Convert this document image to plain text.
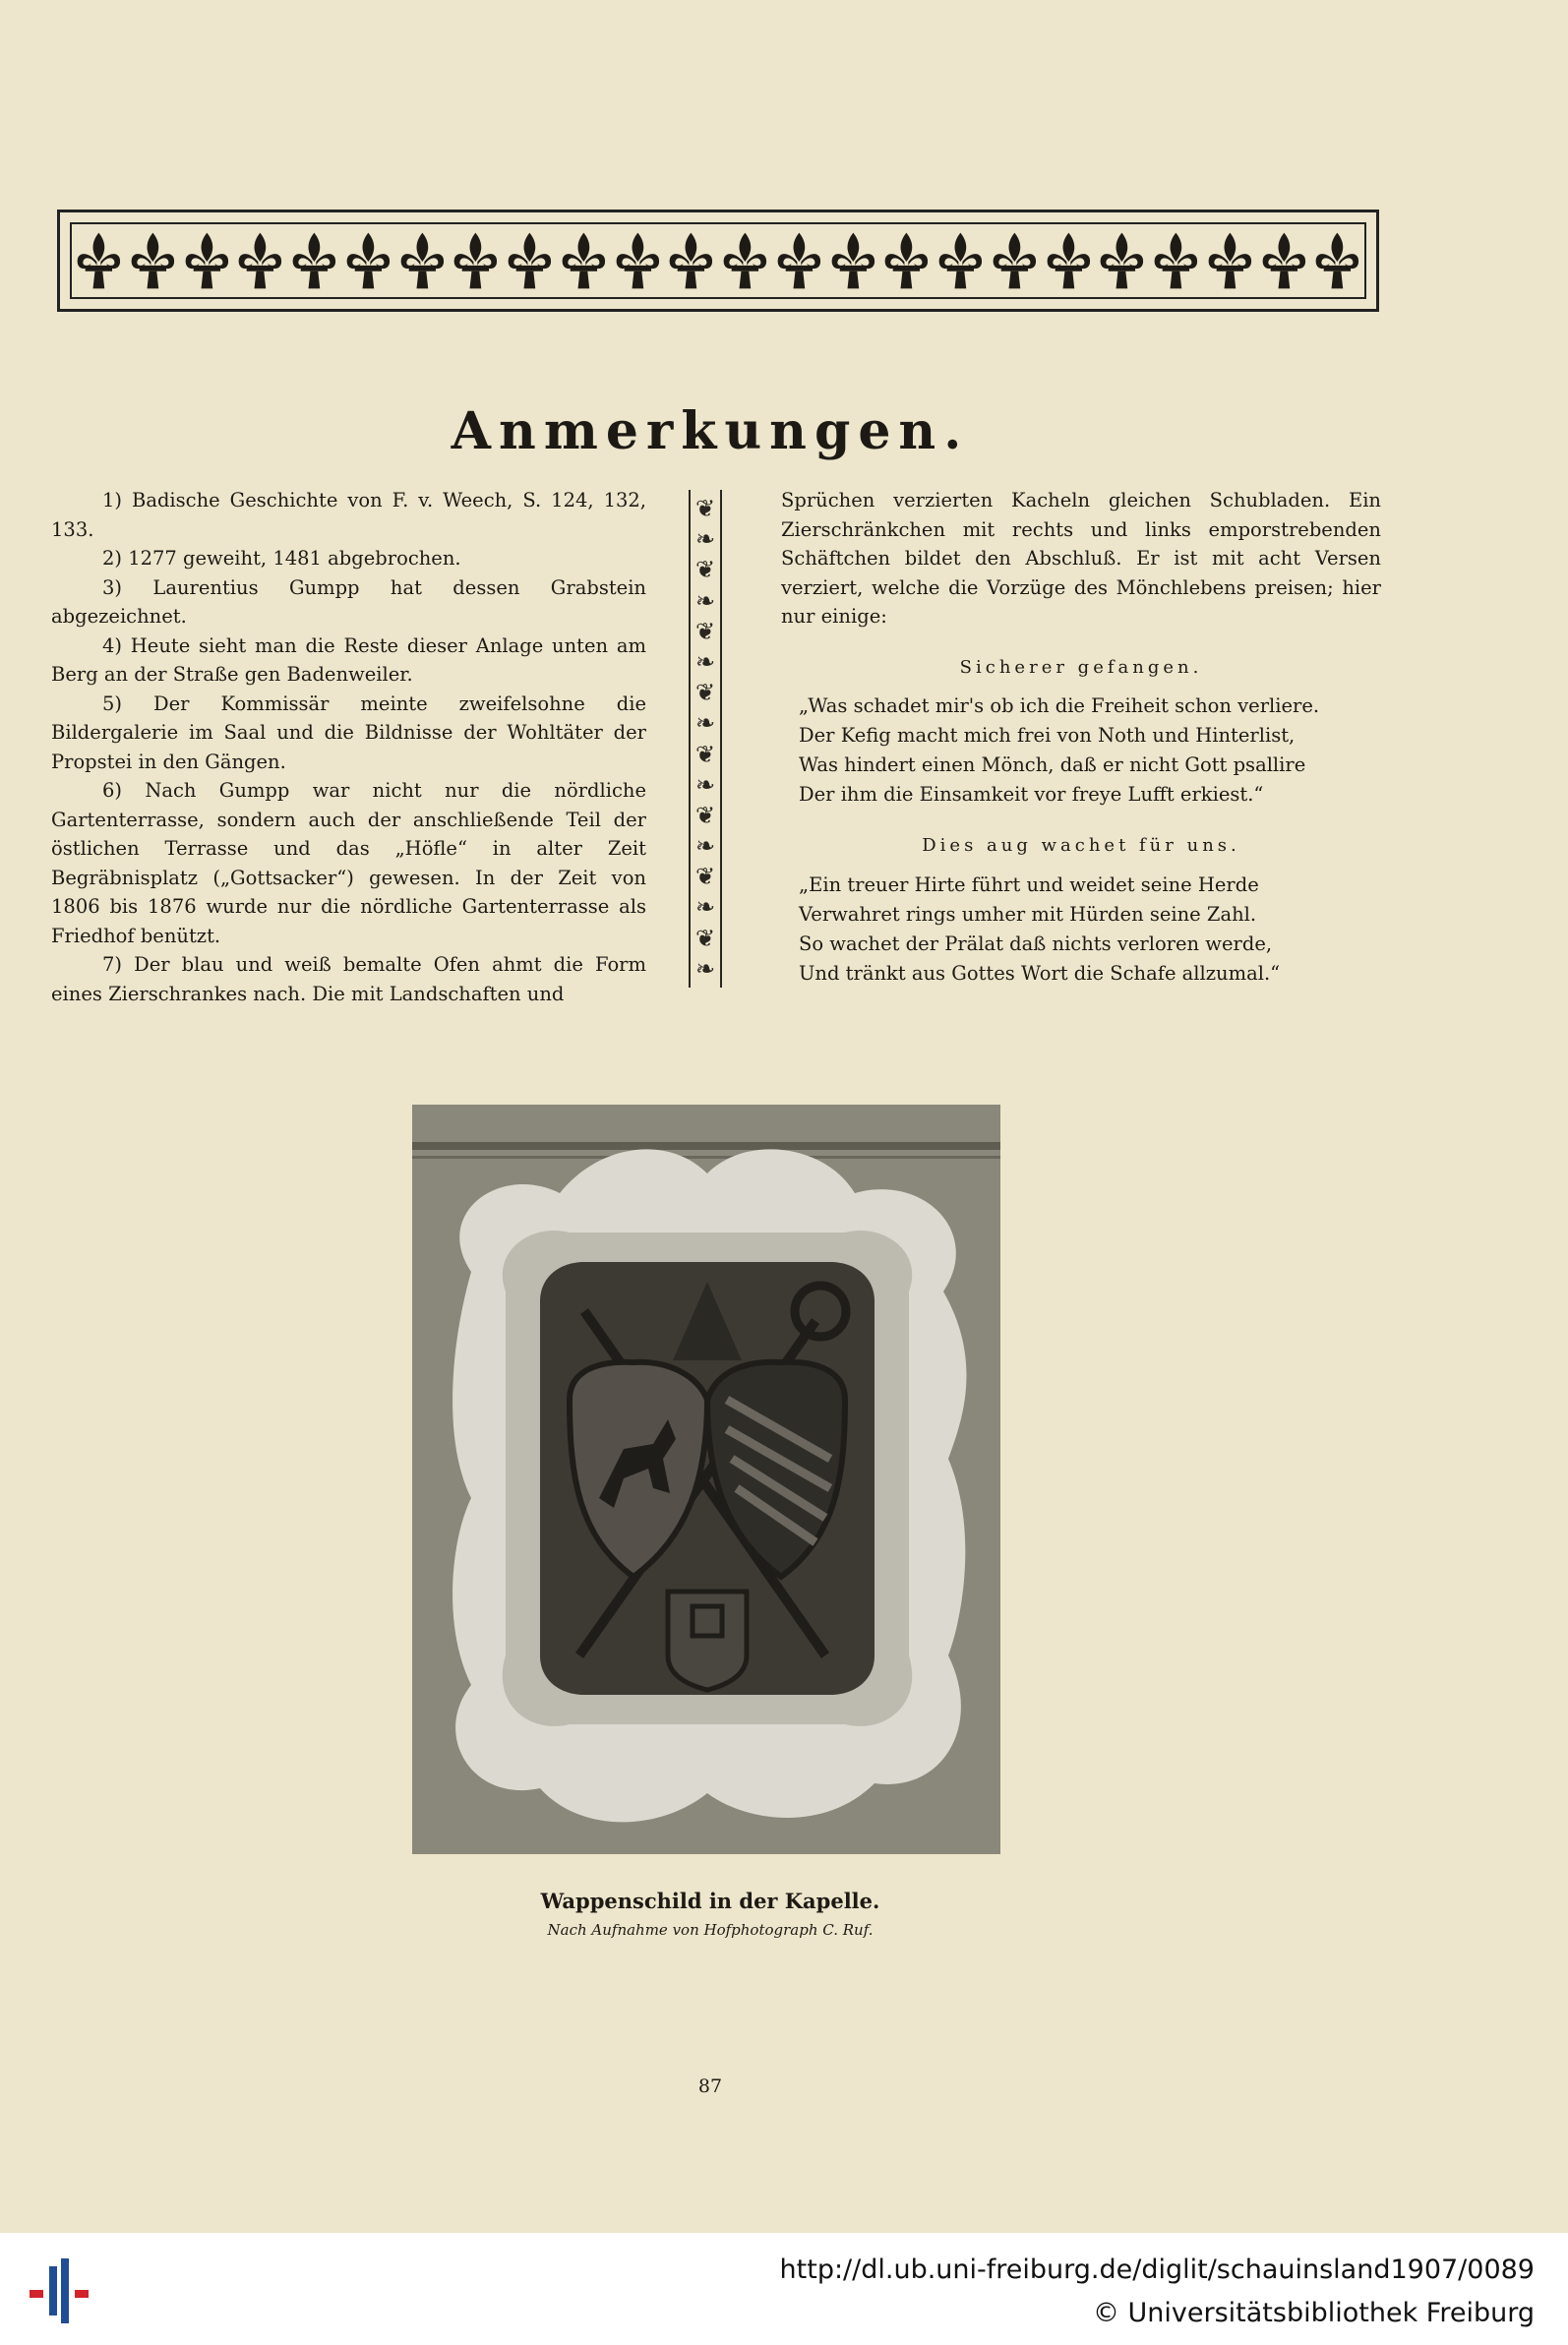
Anmerkungen.

1) Badische Geschichte von F. v. Weech, S. 124, 132, 133.

2) 1277 geweiht, 1481 abgebrochen.

3) Laurentius Gumpp hat dessen Grabstein abgezeichnet.

4) Heute sieht man die Reste dieser Anlage unten am Berg an der Straße gen Badenweiler.

5) Der Kommissär meinte zweifelsohne die Bildergalerie im Saal und die Bildnisse der Wohltäter der Propstei in den Gängen.

6) Nach Gumpp war nicht nur die nördliche Gartenterrasse, sondern auch der anschließende Teil der östlichen Terrasse und das „Höfle“ in alter Zeit Begräbnisplatz („Gottsacker“) gewesen. In der Zeit von 1806 bis 1876 wurde nur die nördliche Gartenterrasse als Friedhof benützt.

7) Der blau und weiß bemalte Ofen ahmt die Form eines Zierschrankes nach. Die mit Landschaften und

❦
❧
❦
❧
❦
❧
❦
❧
❦
❧
❦
❧
❦
❧
❦
❧

Sprüchen verzierten Kacheln gleichen Schubladen. Ein Zierschränkchen mit rechts und links emporstrebenden Schäftchen bildet den Abschluß. Er ist mit acht Versen verziert, welche die Vorzüge des Mönchlebens preisen; hier nur einige:

Sicherer gefangen.
„Was schadet mir's ob ich die Freiheit schon verliere.
Der Kefig macht mich frei von Noth und Hinterlist,
Was hindert einen Mönch, daß er nicht Gott psallire
Der ihm die Einsamkeit vor freye Lufft erkiest.“
Dies aug wachet für uns.
„Ein treuer Hirte führt und weidet seine Herde
Verwahret rings umher mit Hürden seine Zahl.
So wachet der Prälat daß nichts verloren werde,
Und tränkt aus Gottes Wort die Schafe allzumal.“
Wappenschild in der Kapelle.
Nach Aufnahme von Hofphotograph C. Ruf.
87
http://dl.ub.uni-freiburg.de/diglit/schauinsland1907/0089
© Universitätsbibliothek Freiburg
